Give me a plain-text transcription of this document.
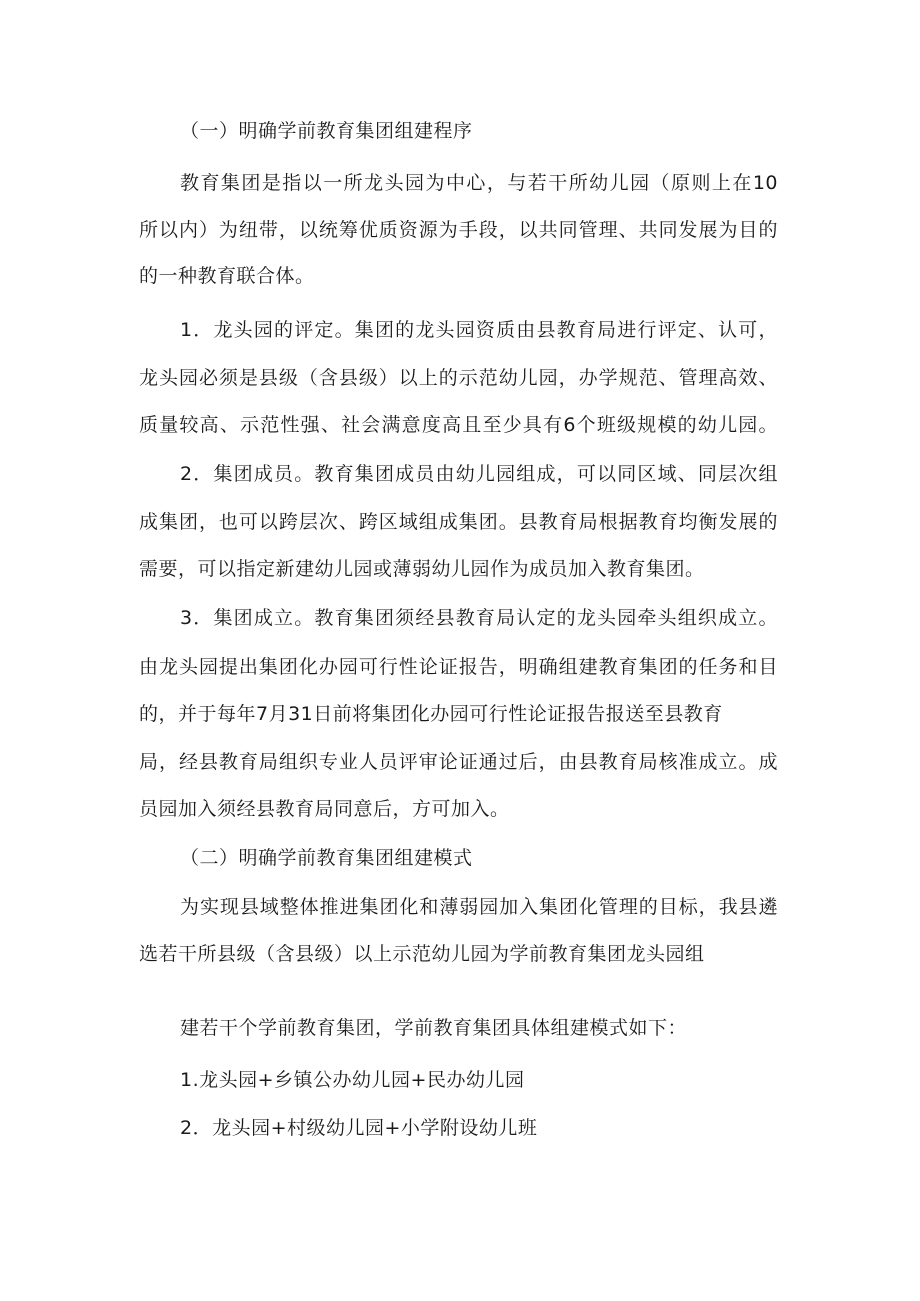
（一）明确学前教育集团组建程序
教育集团是指以一所龙头园为中心，与若干所幼儿园（原则上在10
所以内）为纽带，以统筹优质资源为手段，以共同管理、共同发展为目的
的一种教育联合体。
1．龙头园的评定。集团的龙头园资质由县教育局进行评定、认可，
龙头园必须是县级（含县级）以上的示范幼儿园，办学规范、管理高效、
质量较高、示范性强、社会满意度高且至少具有6个班级规模的幼儿园。
2．集团成员。教育集团成员由幼儿园组成，可以同区域、同层次组
成集团，也可以跨层次、跨区域组成集团。县教育局根据教育均衡发展的
需要，可以指定新建幼儿园或薄弱幼儿园作为成员加入教育集团。
3．集团成立。教育集团须经县教育局认定的龙头园牵头组织成立。
由龙头园提出集团化办园可行性论证报告，明确组建教育集团的任务和目
的，并于每年7月31日前将集团化办园可行性论证报告报送至县教育
局，经县教育局组织专业人员评审论证通过后，由县教育局核准成立。成
员园加入须经县教育局同意后，方可加入。
（二）明确学前教育集团组建模式
为实现县域整体推进集团化和薄弱园加入集团化管理的目标，我县遴
选若干所县级（含县级）以上示范幼儿园为学前教育集团龙头园组
建若干个学前教育集团，学前教育集团具体组建模式如下：
1.龙头园+乡镇公办幼儿园+民办幼儿园
2．龙头园+村级幼儿园+小学附设幼儿班
